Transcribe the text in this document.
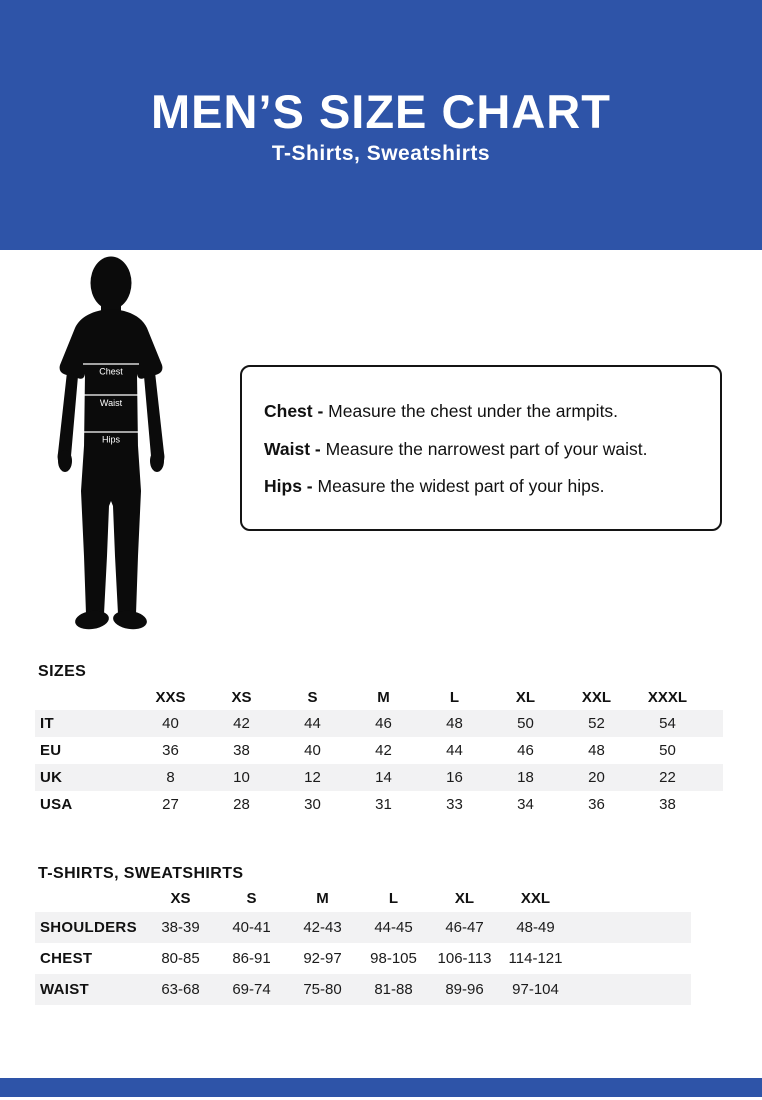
MEN’S SIZE CHART
T-Shirts, Sweatshirts
Chest
Waist
Hips
Chest - Measure the chest under the armpits.
Waist - Measure the narrowest part of your waist.
Hips - Measure the widest part of your hips.
SIZES
	XXS	XS	S	M	L	XL	XXL	XXXL	
IT	40	42	44	46	48	50	52	54	
EU	36	38	40	42	44	46	48	50	
UK	8	10	12	14	16	18	20	22	
USA	27	28	30	31	33	34	36	38	
T-SHIRTS, SWEATSHIRTS
	XS	S	M	L	XL	XXL	
SHOULDERS	38-39	40-41	42-43	44-45	46-47	48-49	
CHEST	80-85	86-91	92-97	98-105	106-113	114-121	
WAIST	63-68	69-74	75-80	81-88	89-96	97-104	
